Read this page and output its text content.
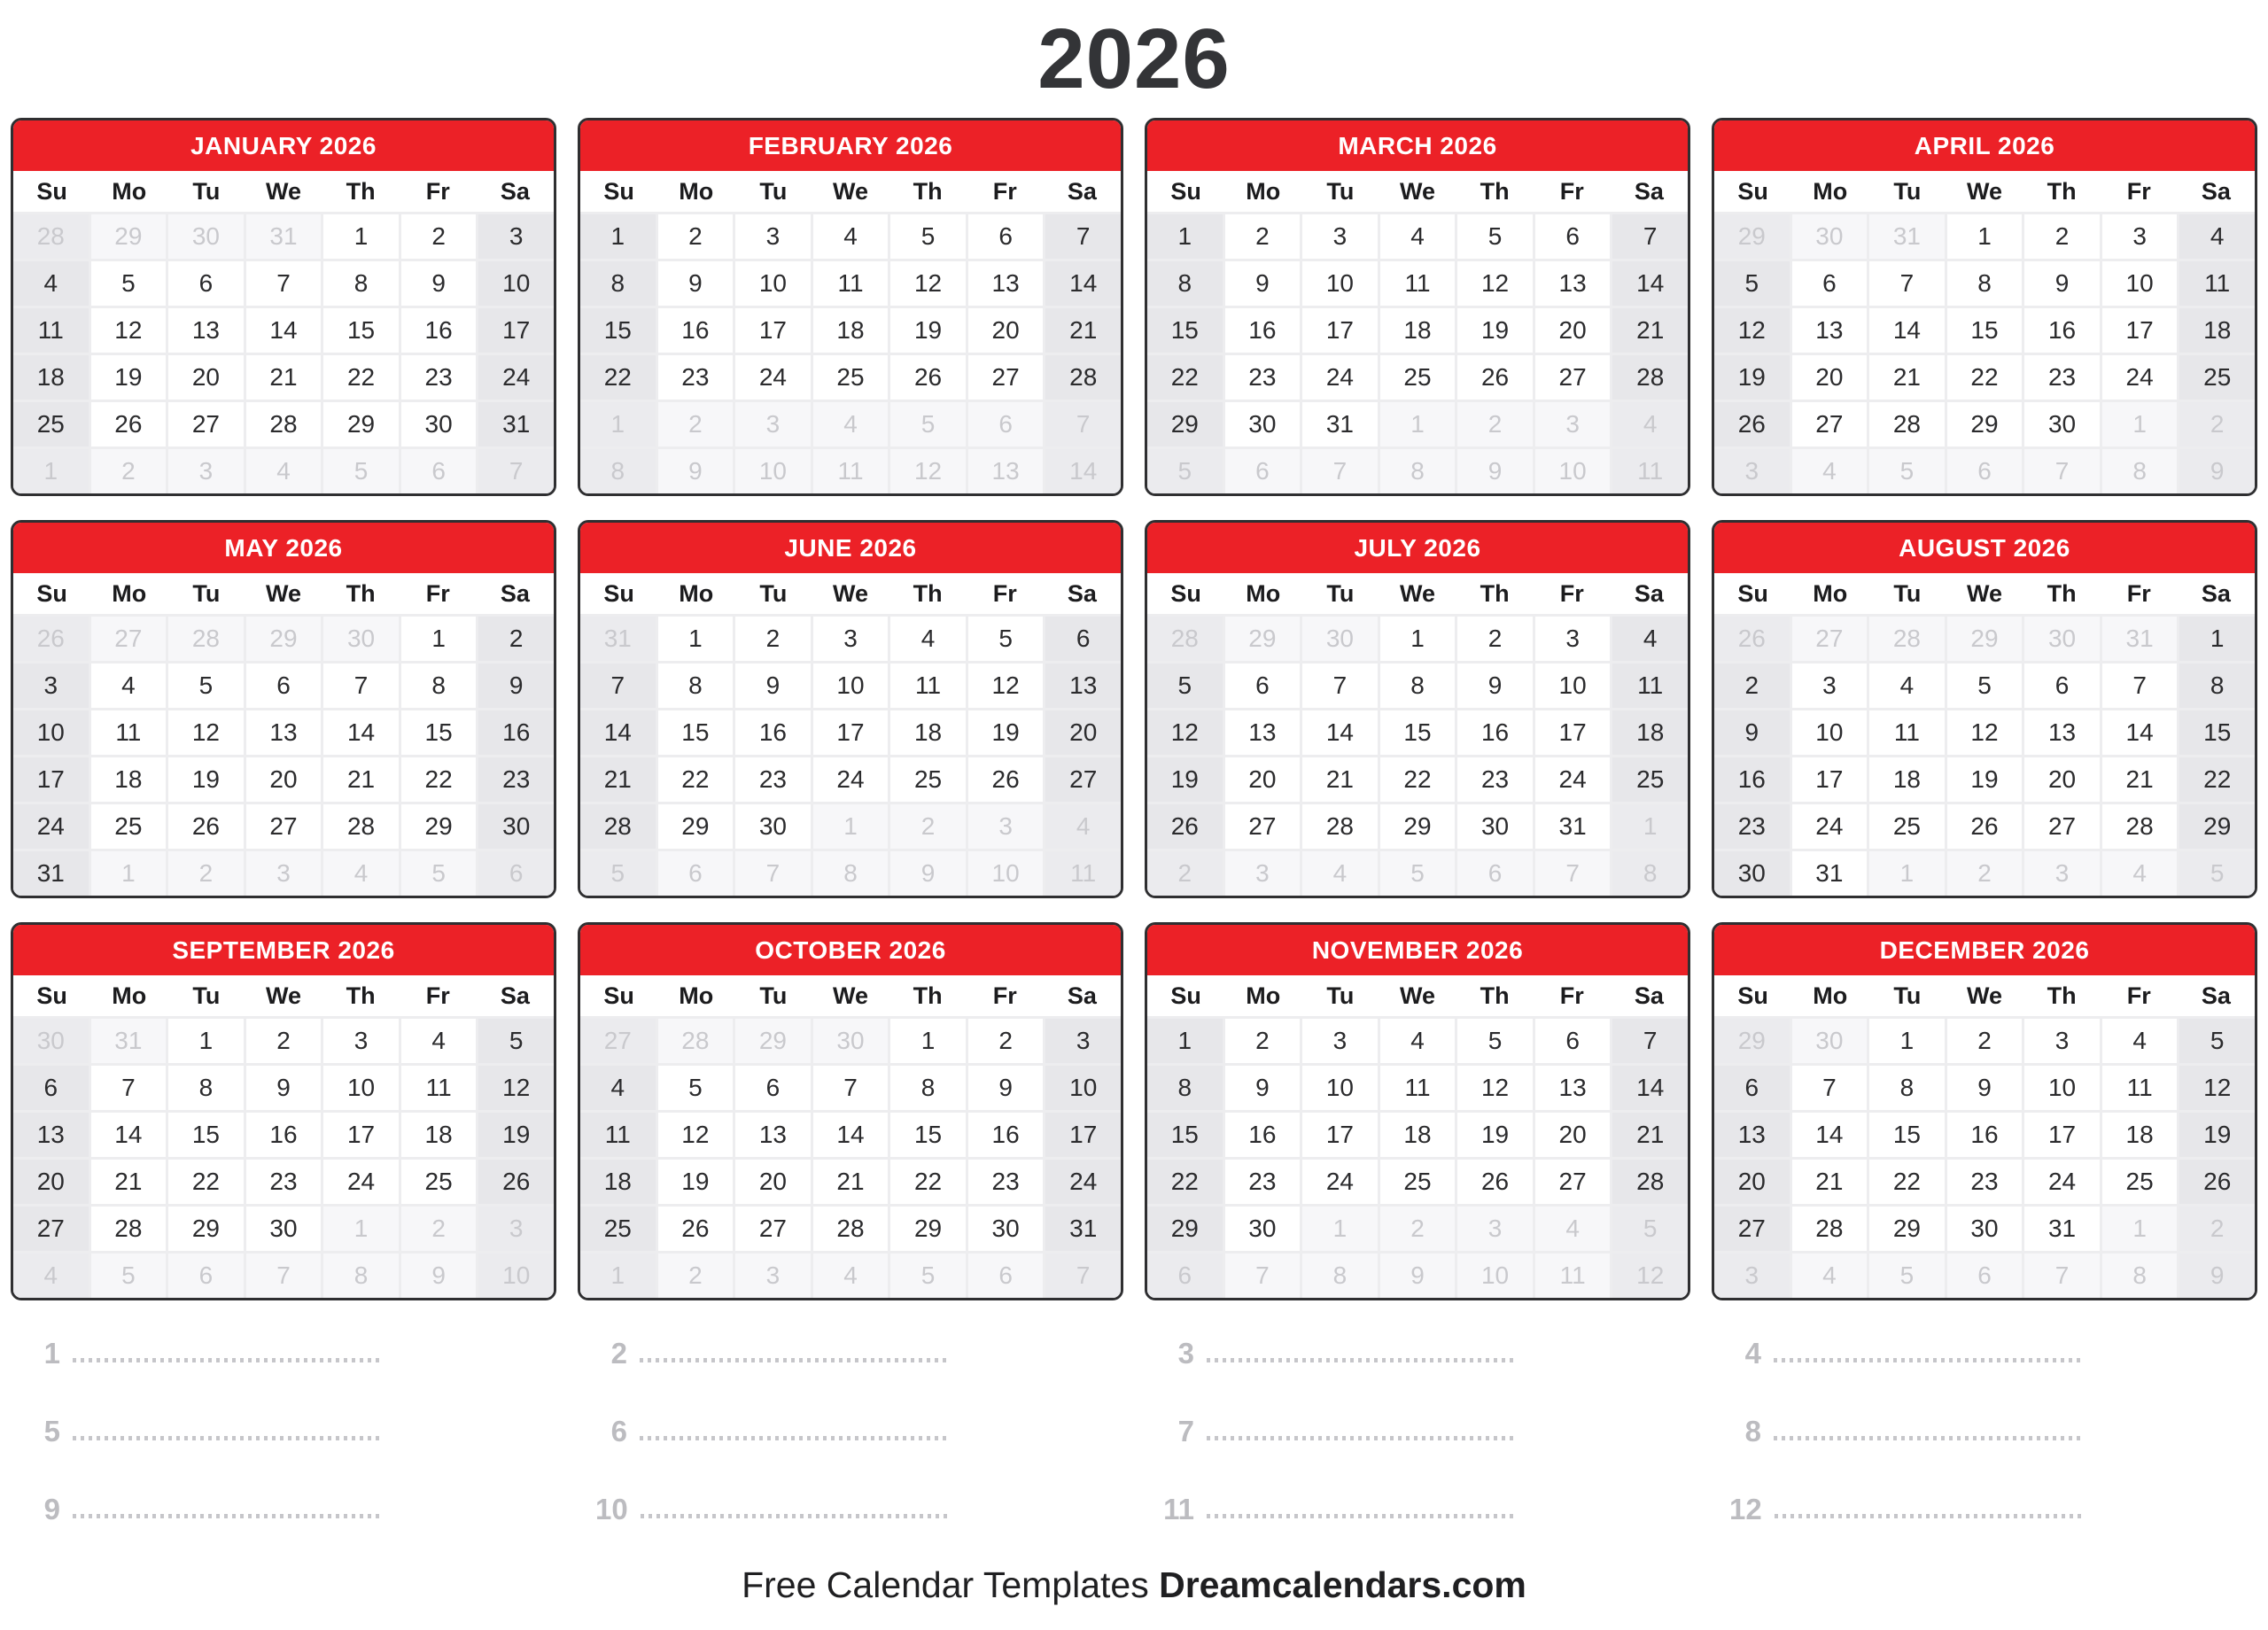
2026
JANUARY 2026
Su	Mo	Tu	We	Th	Fr	Sa
28	29	30	31	1	2	3
4	5	6	7	8	9	10
11	12	13	14	15	16	17
18	19	20	21	22	23	24
25	26	27	28	29	30	31
1	2	3	4	5	6	7
FEBRUARY 2026
Su	Mo	Tu	We	Th	Fr	Sa
1	2	3	4	5	6	7
8	9	10	11	12	13	14
15	16	17	18	19	20	21
22	23	24	25	26	27	28
1	2	3	4	5	6	7
8	9	10	11	12	13	14
MARCH 2026
Su	Mo	Tu	We	Th	Fr	Sa
1	2	3	4	5	6	7
8	9	10	11	12	13	14
15	16	17	18	19	20	21
22	23	24	25	26	27	28
29	30	31	1	2	3	4
5	6	7	8	9	10	11
APRIL 2026
Su	Mo	Tu	We	Th	Fr	Sa
29	30	31	1	2	3	4
5	6	7	8	9	10	11
12	13	14	15	16	17	18
19	20	21	22	23	24	25
26	27	28	29	30	1	2
3	4	5	6	7	8	9
MAY 2026
Su	Mo	Tu	We	Th	Fr	Sa
26	27	28	29	30	1	2
3	4	5	6	7	8	9
10	11	12	13	14	15	16
17	18	19	20	21	22	23
24	25	26	27	28	29	30
31	1	2	3	4	5	6
JUNE 2026
Su	Mo	Tu	We	Th	Fr	Sa
31	1	2	3	4	5	6
7	8	9	10	11	12	13
14	15	16	17	18	19	20
21	22	23	24	25	26	27
28	29	30	1	2	3	4
5	6	7	8	9	10	11
JULY 2026
Su	Mo	Tu	We	Th	Fr	Sa
28	29	30	1	2	3	4
5	6	7	8	9	10	11
12	13	14	15	16	17	18
19	20	21	22	23	24	25
26	27	28	29	30	31	1
2	3	4	5	6	7	8
AUGUST 2026
Su	Mo	Tu	We	Th	Fr	Sa
26	27	28	29	30	31	1
2	3	4	5	6	7	8
9	10	11	12	13	14	15
16	17	18	19	20	21	22
23	24	25	26	27	28	29
30	31	1	2	3	4	5
SEPTEMBER 2026
Su	Mo	Tu	We	Th	Fr	Sa
30	31	1	2	3	4	5
6	7	8	9	10	11	12
13	14	15	16	17	18	19
20	21	22	23	24	25	26
27	28	29	30	1	2	3
4	5	6	7	8	9	10
OCTOBER 2026
Su	Mo	Tu	We	Th	Fr	Sa
27	28	29	30	1	2	3
4	5	6	7	8	9	10
11	12	13	14	15	16	17
18	19	20	21	22	23	24
25	26	27	28	29	30	31
1	2	3	4	5	6	7
NOVEMBER 2026
Su	Mo	Tu	We	Th	Fr	Sa
1	2	3	4	5	6	7
8	9	10	11	12	13	14
15	16	17	18	19	20	21
22	23	24	25	26	27	28
29	30	1	2	3	4	5
6	7	8	9	10	11	12
DECEMBER 2026
Su	Mo	Tu	We	Th	Fr	Sa
29	30	1	2	3	4	5
6	7	8	9	10	11	12
13	14	15	16	17	18	19
20	21	22	23	24	25	26
27	28	29	30	31	1	2
3	4	5	6	7	8	9
1
5
9
2
6
10
3
7
11
4
8
12
Free Calendar Templates Dreamcalendars.com
